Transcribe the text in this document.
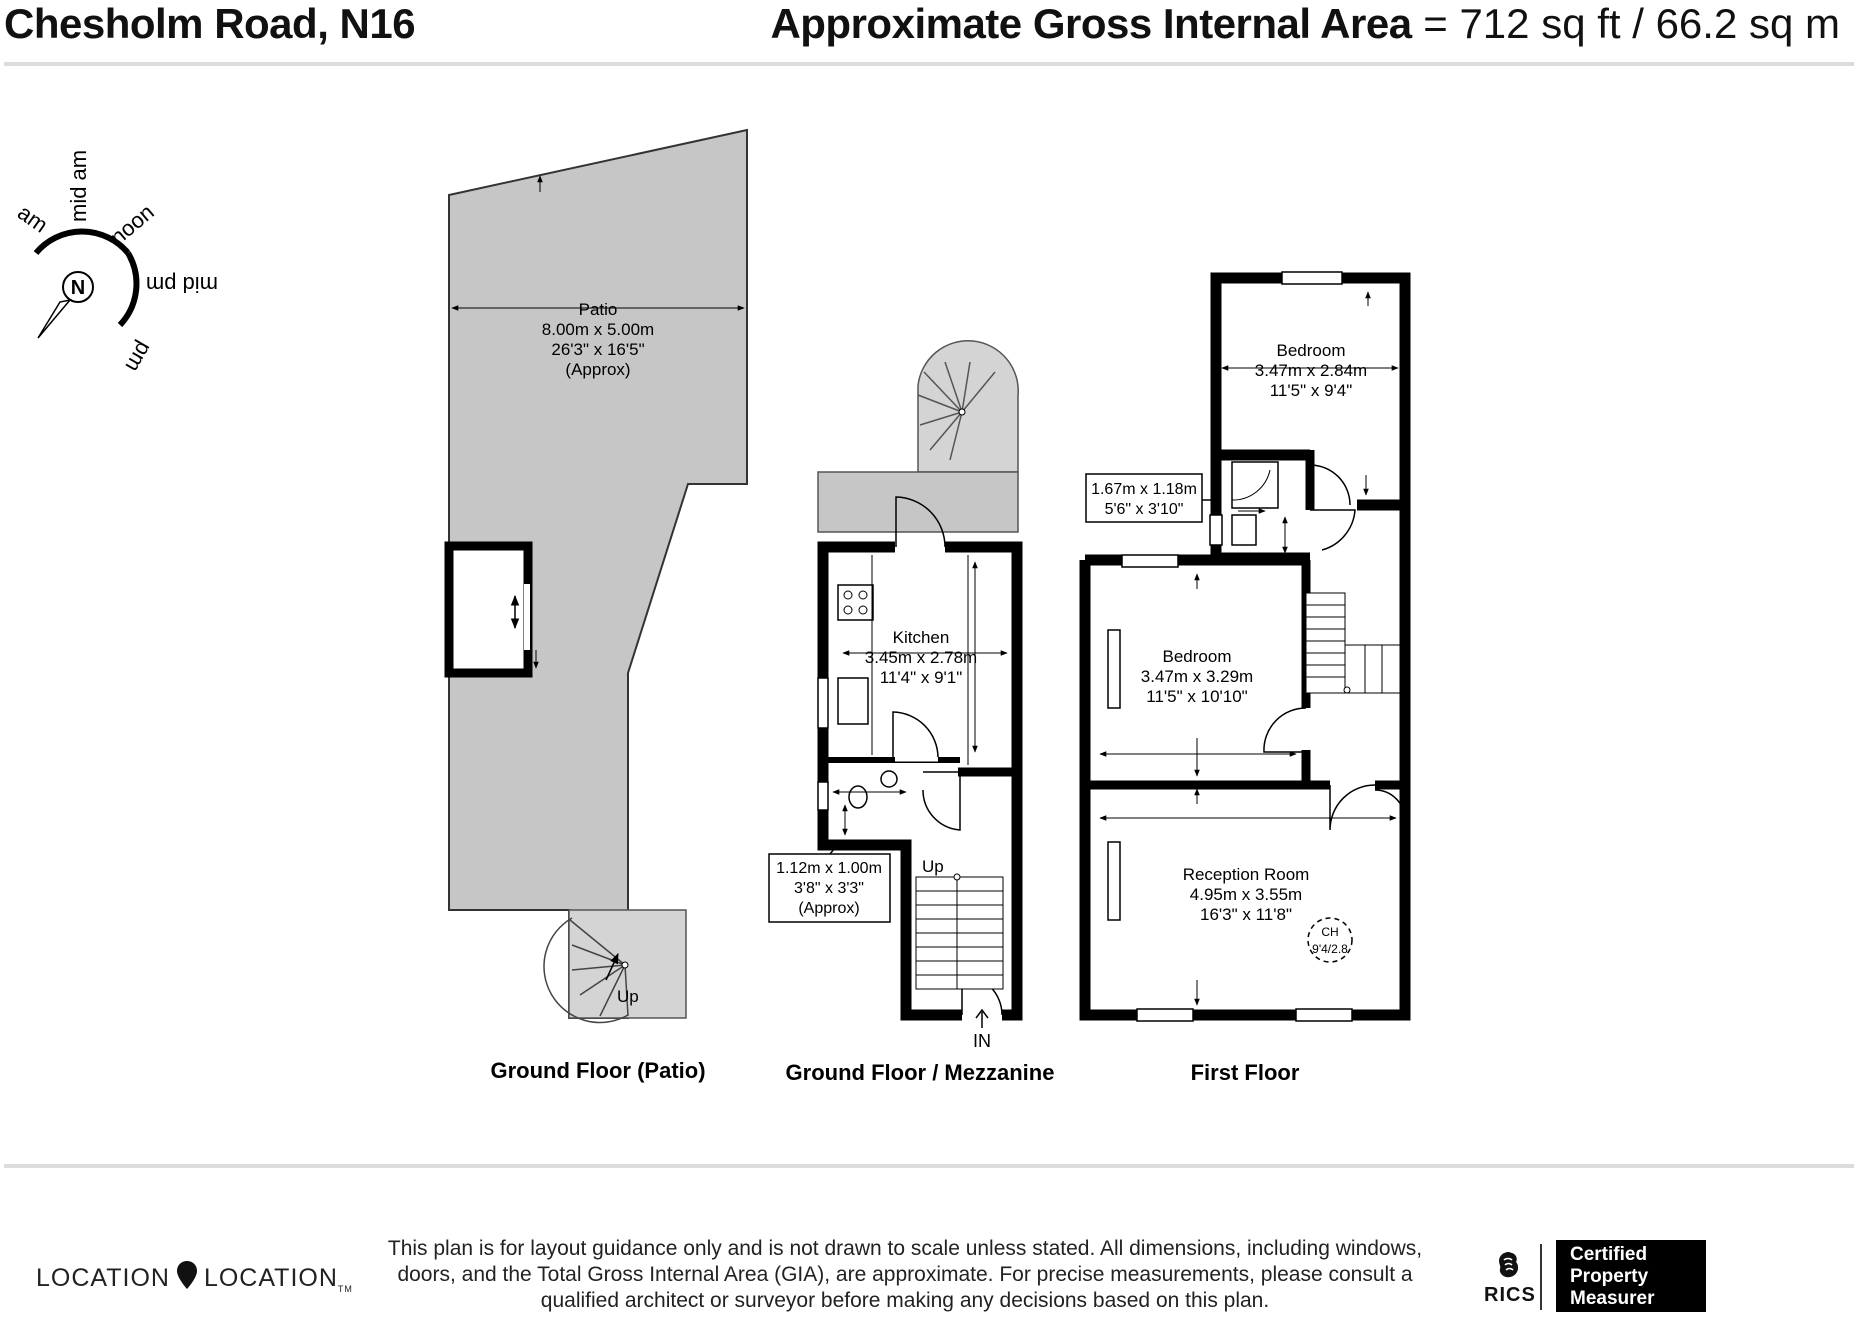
Chesholm Road, N16	Approximate Gross Internal Area = 712 sq ft / 66.2 sq m
N
am mid am
noon
mid pm
pm
Up
Patio
8.00m x 5.00m
26'3" x 16'5"
(Approx)
Up
IN
Kitchen
3.45m x 2.78m
11'4" x 9'1"
1.12m x 1.00m
3'8" x 3'3"
(Approx)
Bedroom
3.47m x 2.84m
11'5" x 9'4"
1.67m x 1.18m
5'6" x 3'10"
Bedroom
3.47m x 3.29m
11'5" x 10'10"
Reception Room
4.95m x 3.55m
16'3" x 11'8"
CH
9'4/2.8
Ground Floor (Patio)	Ground Floor / Mezzanine	First Floor
LOCATION $LOCATION_{TM}$
This plan is for layout guidance only and is not drawn to scale unless stated. All dimensions, including windows, doors, and the Total Gross Internal Area (GIA), are approximate. For precise measurements, please consult a qualified architect or surveyor before making any decisions based on this plan.	RICS
Certified
Property
Measurer
